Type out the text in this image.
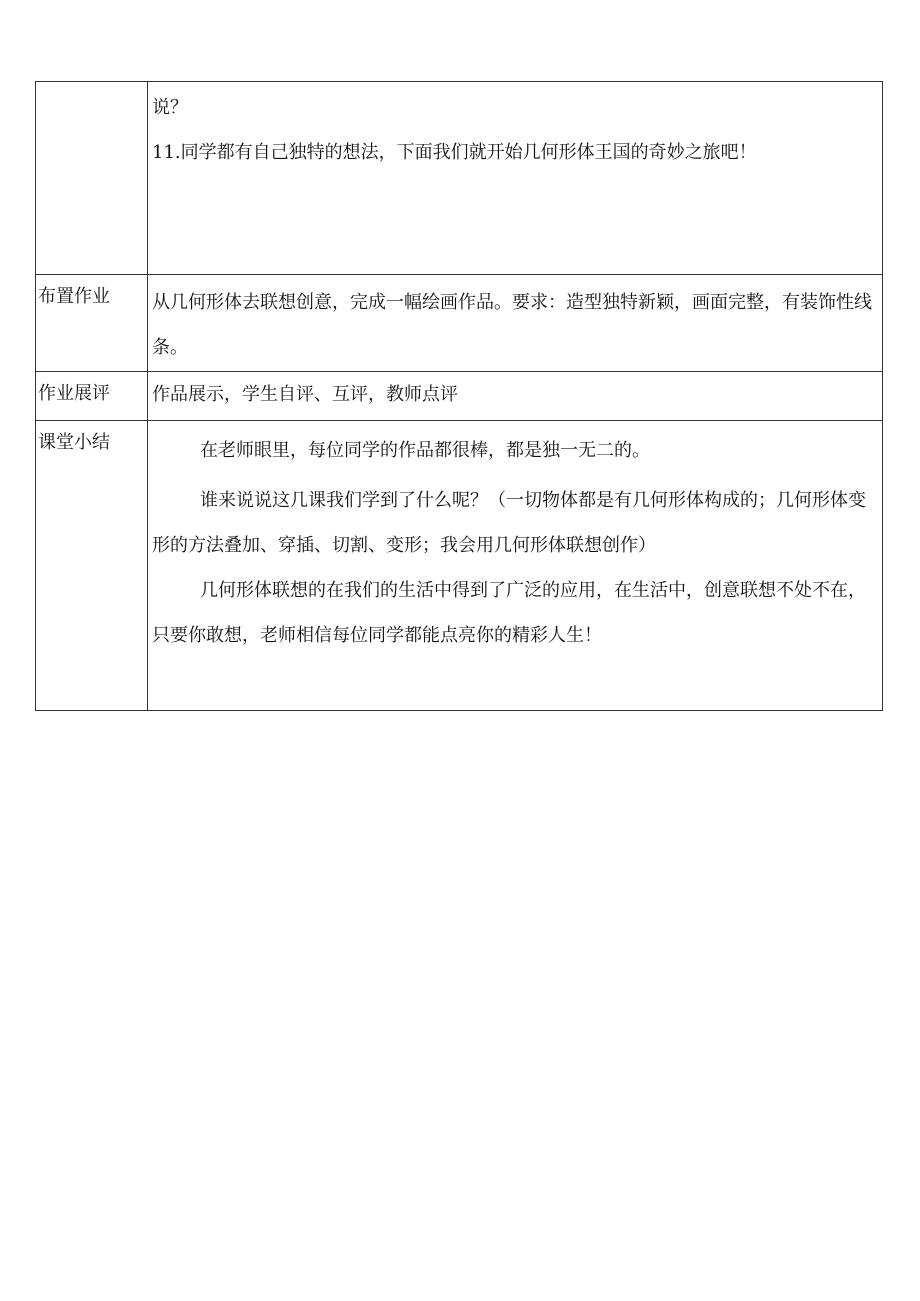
	说？

11.同学都有自己独特的想法，下面我们就开始几何形体王国的奇妙之旅吧！

布置作业	从几何形体去联想创意，完成一幅绘画作品。要求：造型独特新颖，画面完整，有装饰性线条。

作业展评	作品展示，学生自评、互评，教师点评

课堂小结	在老师眼里，每位同学的作品都很棒，都是独一无二的。

谁来说说这几课我们学到了什么呢？（一切物体都是有几何形体构成的；几何形体变形的方法叠加、穿插、切割、变形；我会用几何形体联想创作）

几何形体联想的在我们的生活中得到了广泛的应用，在生活中，创意联想不处不在，只要你敢想，老师相信每位同学都能点亮你的精彩人生！
